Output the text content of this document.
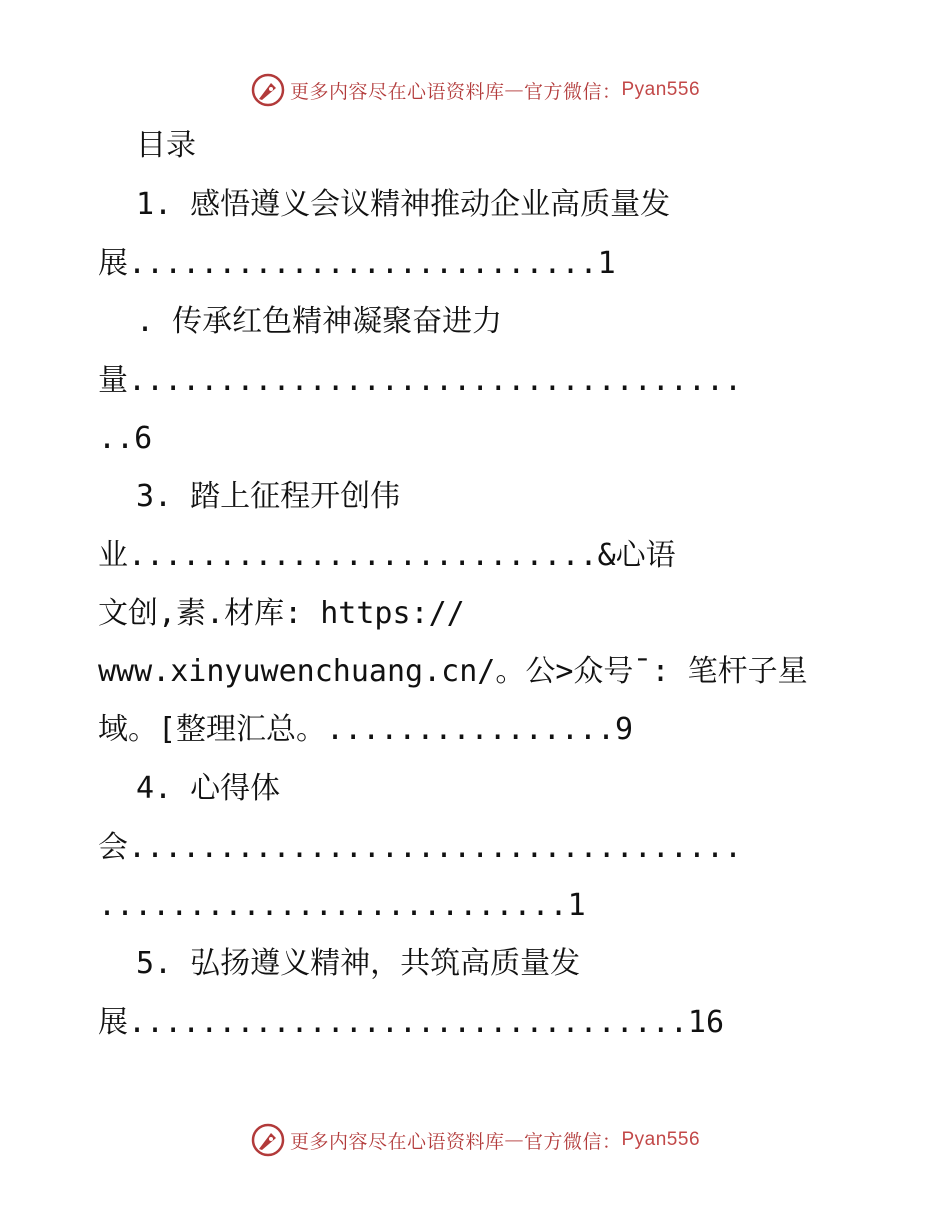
更多内容尽在心语资料库 — 官方微信： Pyan556
目录
1. 感悟遵义会议精神推动企业高质量发
展..........................1
. 传承红色精神凝聚奋进力
量..................................
..6
3. 踏上征程开创伟
业..........................&心语
文创,素.材库: https://
www.xinyuwenchuang.cn/。公>众号¯: 笔杆子星
域。[整理汇总。................9
4. 心得体
会..................................
..........................1
5. 弘扬遵义精神，共筑高质量发
展...............................16
更多内容尽在心语资料库 — 官方微信： Pyan556
